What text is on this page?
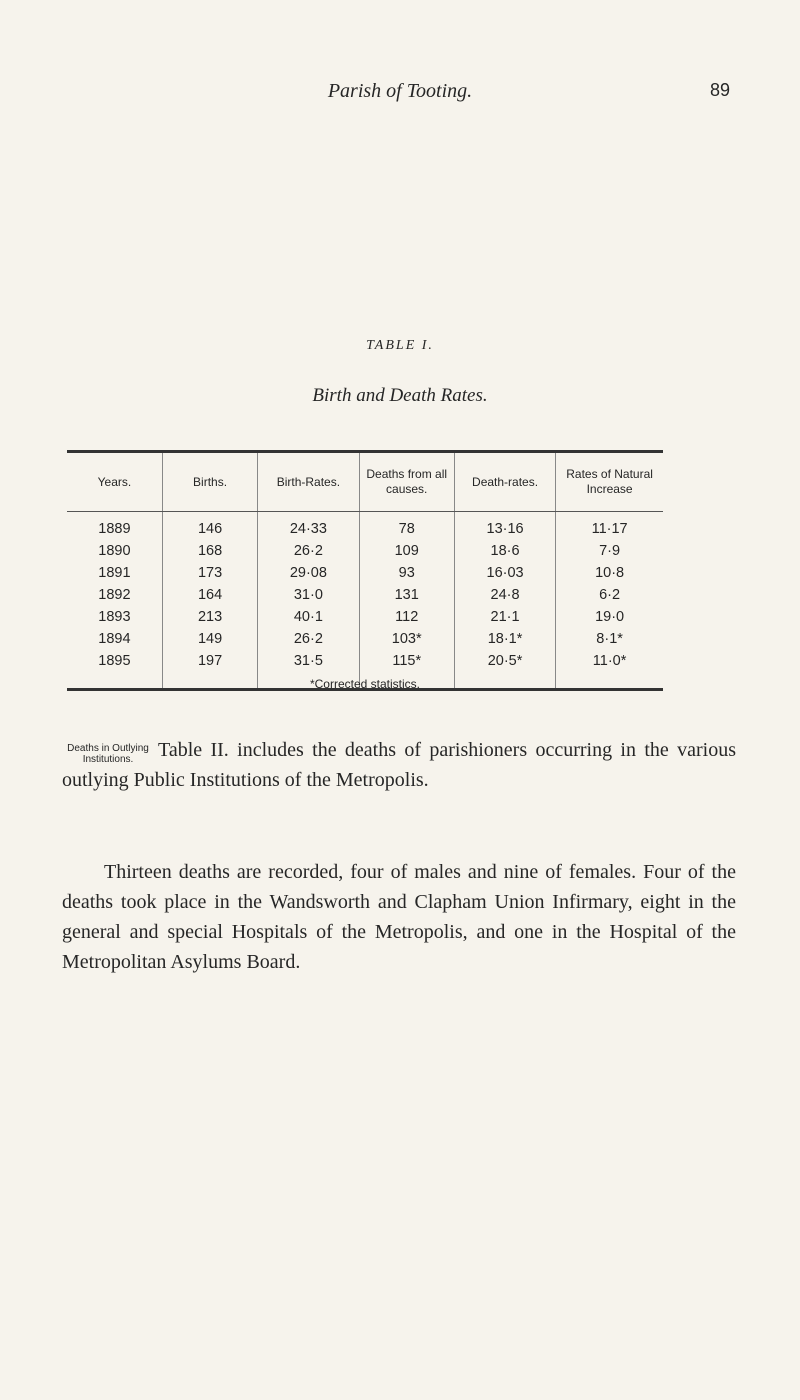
Parish of Tooting.	89
TABLE I.
Birth and Death Rates.
Years.	Births.	Birth-Rates.	Deaths from all causes.	Death-rates.	Rates of Natural Increase
1889	146	24·33	78	13·16	11·17
1890	168	26·2	109	18·6	7·9
1891	173	29·08	93	16·03	10·8
1892	164	31·0	131	24·8	6·2
1893	213	40·1	112	21·1	19·0
1894	149	26·2	103*	18·1*	8·1*
1895	197	31·5	115*	20·5*	11·0*
*Corrected statistics.
Deaths in Outlying Institutions.	Table II. includes the deaths of parishioners occurring in the various outlying Public Institutions of the Metropolis.

Thirteen deaths are recorded, four of males and nine of females. Four of the deaths took place in the Wandsworth and Clapham Union Infirmary, eight in the general and special Hospitals of the Metropolis, and one in the Hospital of the Metropolitan Asylums Board.
